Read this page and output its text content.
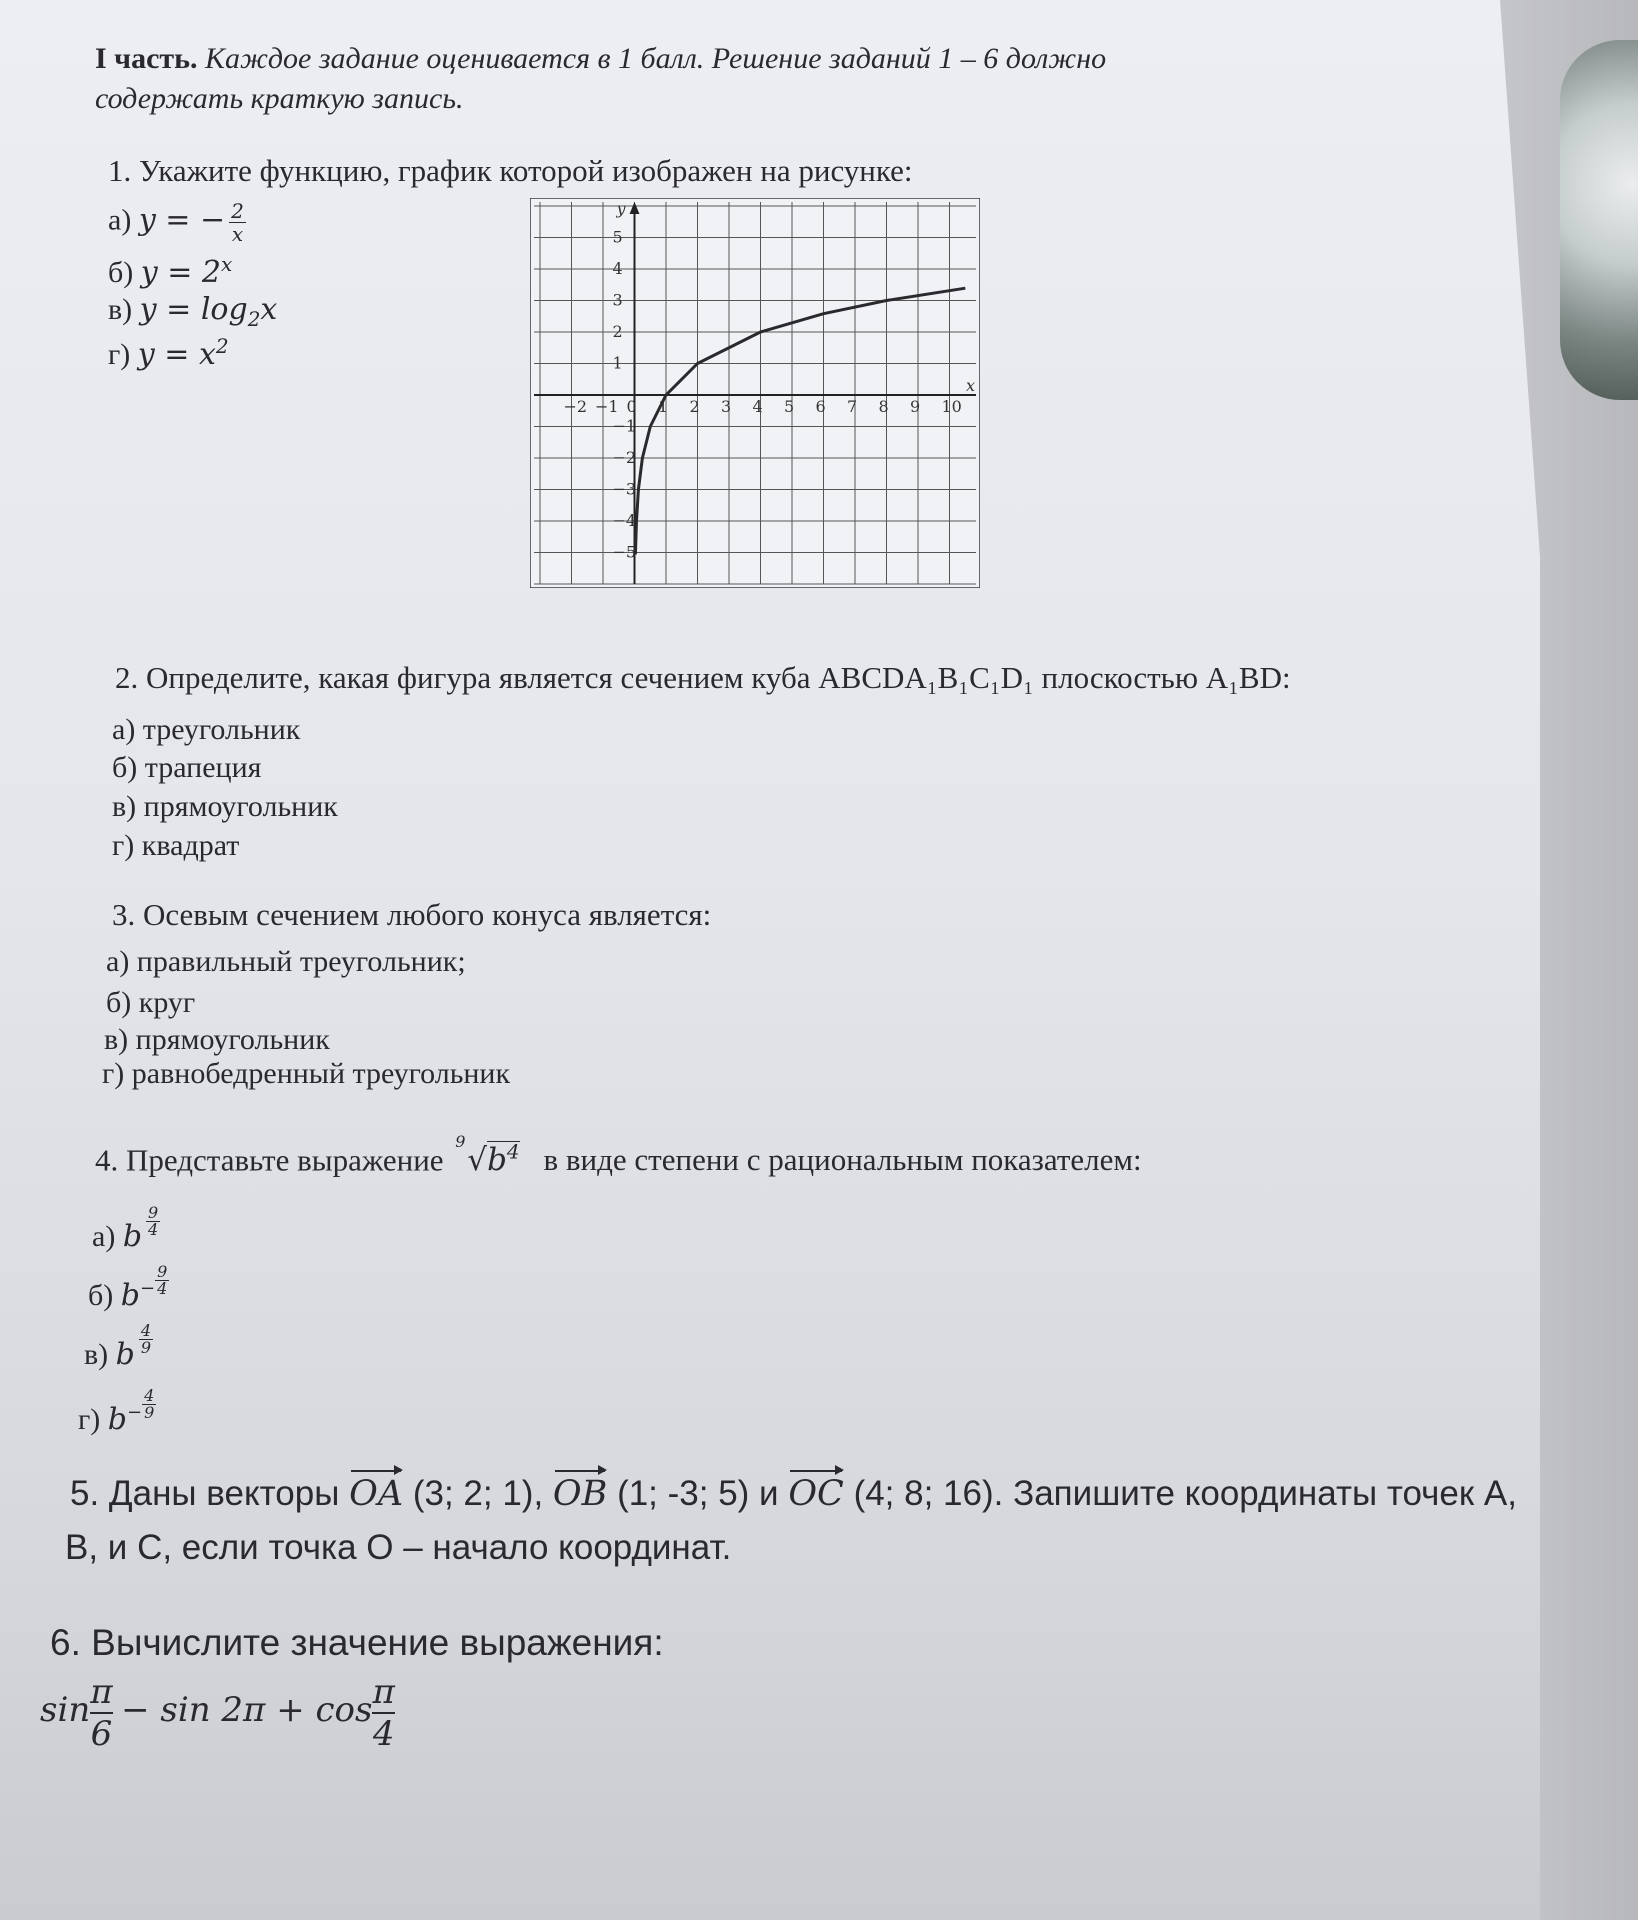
I часть. Каждое задание оценивается в 1 балл. Решение заданий 1 – 6 должно
содержать краткую запись.
1. Укажите функцию, график которой изображен на рисунке:
а) y = − $\frac{2}{x}$
б) $y = 2^x$
в) $y = \log_2x$
г) $y = x^2$
x
y
−2 −1 0 1 2 3 4 5 6 7 8 9 10
5
4
3
2
1
−1
−2
−3
−4
−5
2. Определите, какая фигура является сечением куба ABCDA₁B₁C₁D₁ плоскостью A₁BD:
а) треугольник
б) трапеция
в) прямоугольник
г) квадрат
3. Осевым сечением любого конуса является:
а) правильный треугольник;
б) круг
в) прямоугольник
г) равнобедренный треугольник
4. Представьте выражение
9
$√b^4$ в виде степени с рациональным показателем:
а) b $\frac{9}{4}$
б) $b^- \frac{9}{4}$
в) b $\frac{4}{9}$
г) $b^- \frac{4}{9}$
5. Даны векторы OA (3; 2; 1), OB (1; -3; 5) и OC (4; 8; 16). Запишите координаты точек А,
В, и С, если точка О – начало координат.
6. Вычислите значение выражения:
$\sin \frac{\pi}{6} - \sin 2\pi + \cos \frac{\pi}{4}$
